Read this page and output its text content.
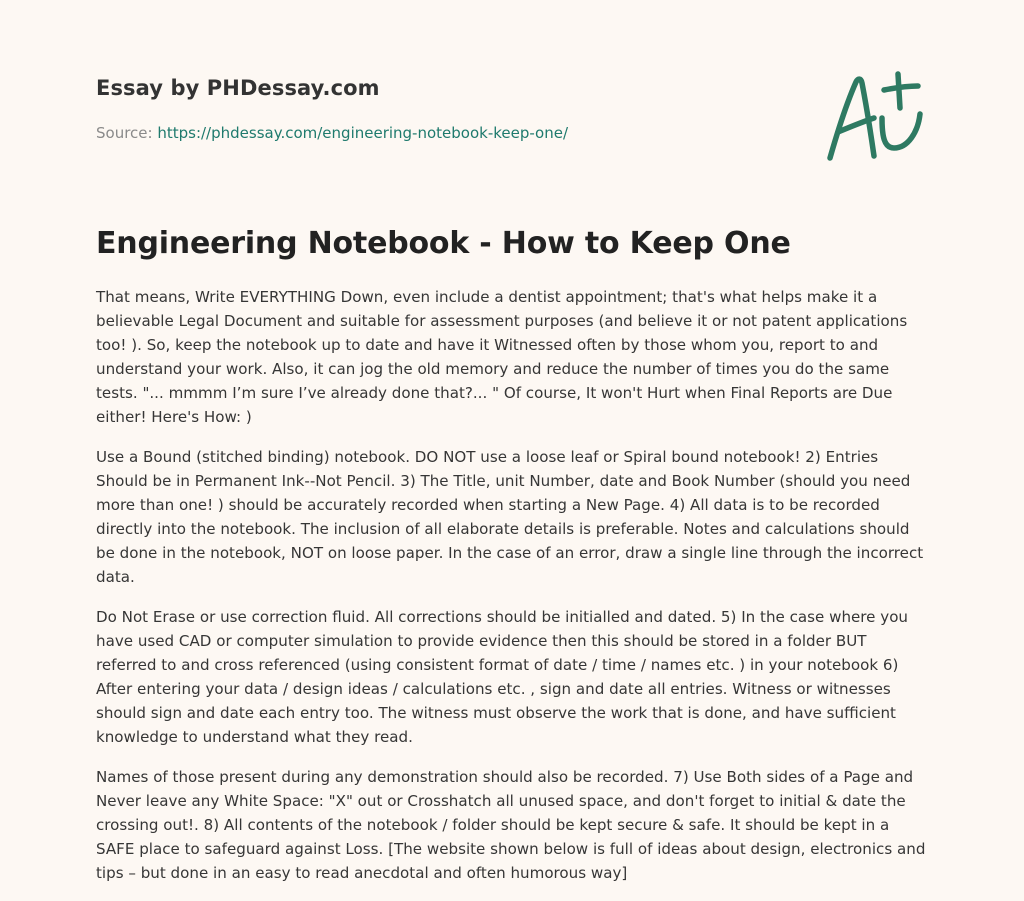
Essay by PHDessay.com
Source: https://phdessay.com/engineering-notebook-keep-one/
Engineering Notebook - How to Keep One

That means, Write EVERYTHING Down, even include a dentist appointment; that's what helps make it a believable Legal Document and suitable for assessment purposes (and believe it or not patent applications too! ). So, keep the notebook up to date and have it Witnessed often by those whom you, report to and understand your work. Also, it can jog the old memory and reduce the number of times you do the same tests. "... mmmm I’m sure I’ve already done that?... " Of course, It won't Hurt when Final Reports are Due either! Here's How: )

Use a Bound (stitched binding) notebook. DO NOT use a loose leaf or Spiral bound notebook! 2) Entries Should be in Permanent Ink--Not Pencil. 3) The Title, unit Number, date and Book Number (should you need more than one! ) should be accurately recorded when starting a New Page. 4) All data is to be recorded directly into the notebook. The inclusion of all elaborate details is preferable. Notes and calculations should be done in the notebook, NOT on loose paper. In the case of an error, draw a single line through the incorrect data.

Do Not Erase or use correction fluid. All corrections should be initialled and dated. 5) In the case where you have used CAD or computer simulation to provide evidence then this should be stored in a folder BUT referred to and cross referenced (using consistent format of date / time / names etc. ) in your notebook 6) After entering your data / design ideas / calculations etc. , sign and date all entries. Witness or witnesses should sign and date each entry too. The witness must observe the work that is done, and have sufficient knowledge to understand what they read.

Names of those present during any demonstration should also be recorded. 7) Use Both sides of a Page and Never leave any White Space: "X" out or Crosshatch all unused space, and don't forget to initial & date the crossing out!. 8) All contents of the notebook / folder should be kept secure & safe. It should be kept in a SAFE place to safeguard against Loss. [The website shown below is full of ideas about design, electronics and tips – but done in an easy to read anecdotal and often humorous way]
